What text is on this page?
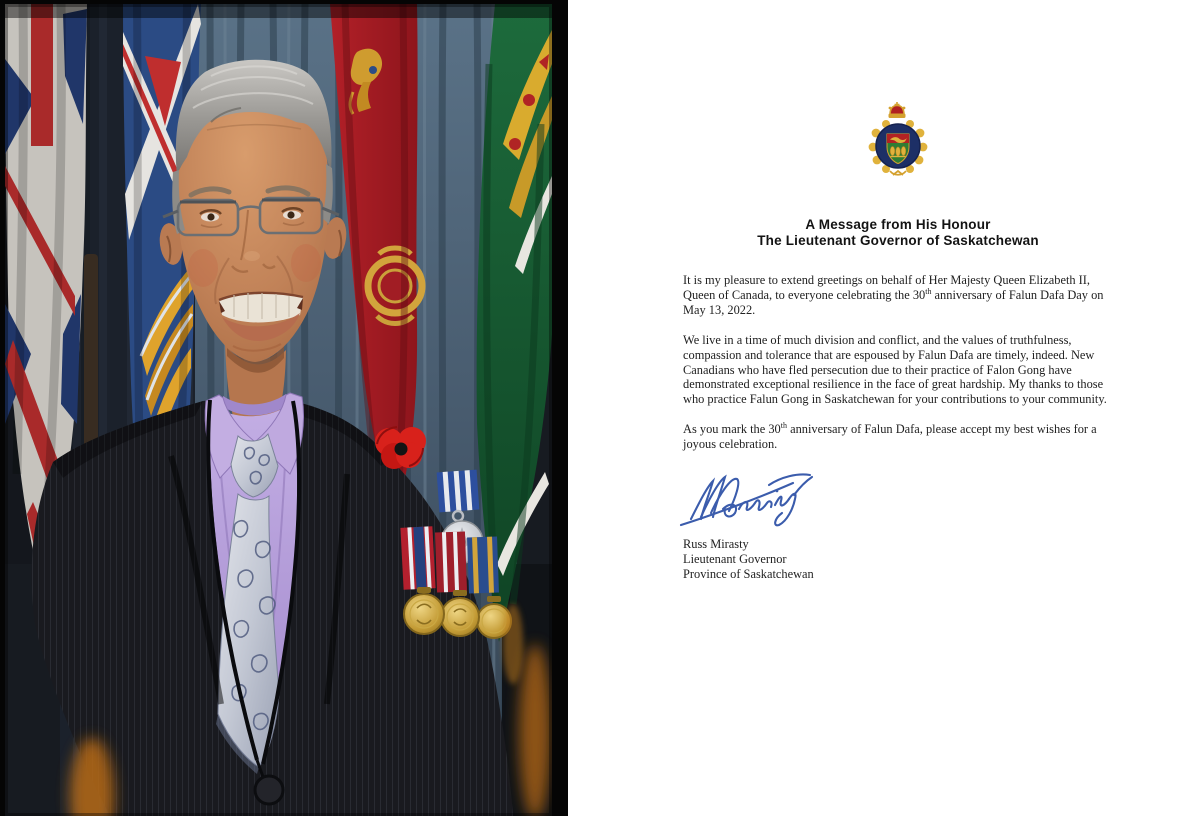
A Message from His Honour
The Lieutenant Governor of Saskatchewan

It is my pleasure to extend greetings on behalf of Her Majesty Queen Elizabeth II, Queen of Canada, to everyone celebrating the 30th anniversary of Falun Dafa Day on May 13, 2022.

We live in a time of much division and conflict, and the values of truthfulness, compassion and tolerance that are espoused by Falun Dafa are timely, indeed. New Canadians who have fled persecution due to their practice of Falon Gong have demonstrated exceptional resilience in the face of great hardship. My thanks to those who practice Falun Gong in Saskatchewan for your contributions to your community.

As you mark the 30th anniversary of Falun Dafa, please accept my best wishes for a joyous celebration.

Russ Mirasty
Lieutenant Governor
Province of Saskatchewan
